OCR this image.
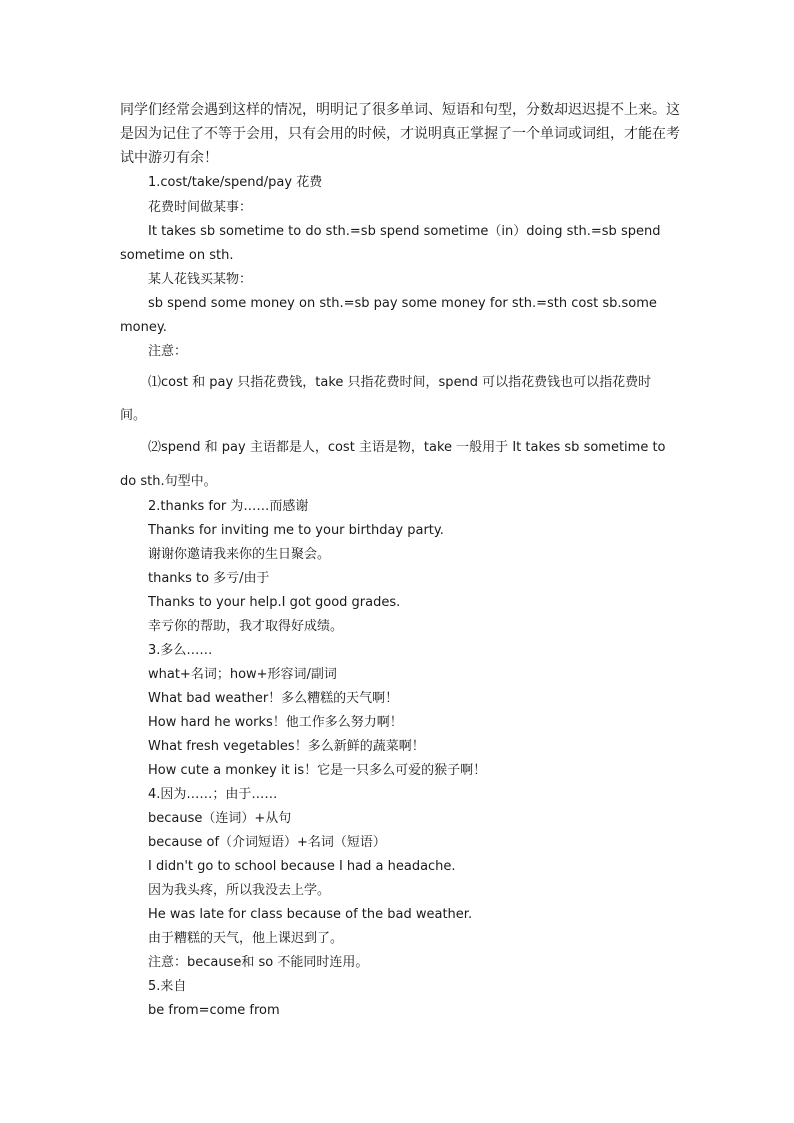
同学们经常会遇到这样的情况，明明记了很多单词、短语和句型，分数却迟迟提不上来。这是因为记住了不等于会用，只有会用的时候，才说明真正掌握了一个单词或词组，才能在考试中游刃有余！
1.cost/take/spend/pay 花费
花费时间做某事：
It takes sb sometime to do sth.=sb spend sometime（in）doing sth.=sb spend
sometime on sth.
某人花钱买某物：
sb spend some money on sth.=sb pay some money for sth.=sth cost sb.some
money.
注意：
⑴cost 和 pay 只指花费钱，take 只指花费时间，spend 可以指花费钱也可以指花费时
间。
⑵spend 和 pay 主语都是人，cost 主语是物，take 一般用于 It takes sb sometime to
do sth.句型中。
2.thanks for 为……而感谢
Thanks for inviting me to your birthday party.
谢谢你邀请我来你的生日聚会。
thanks to 多亏/由于
Thanks to your help.I got good grades.
幸亏你的帮助，我才取得好成绩。
3.多么……
what+名词；how+形容词/副词
What bad weather！多么糟糕的天气啊！
How hard he works！他工作多么努力啊！
What fresh vegetables！多么新鲜的蔬菜啊！
How cute a monkey it is！它是一只多么可爱的猴子啊！
4.因为……；由于……
because（连词）+从句
because of（介词短语）+名词（短语）
I didn't go to school because I had a headache.
因为我头疼，所以我没去上学。
He was late for class because of the bad weather.
由于糟糕的天气，他上课迟到了。
注意：because和 so 不能同时连用。
5.来自
be from=come from
